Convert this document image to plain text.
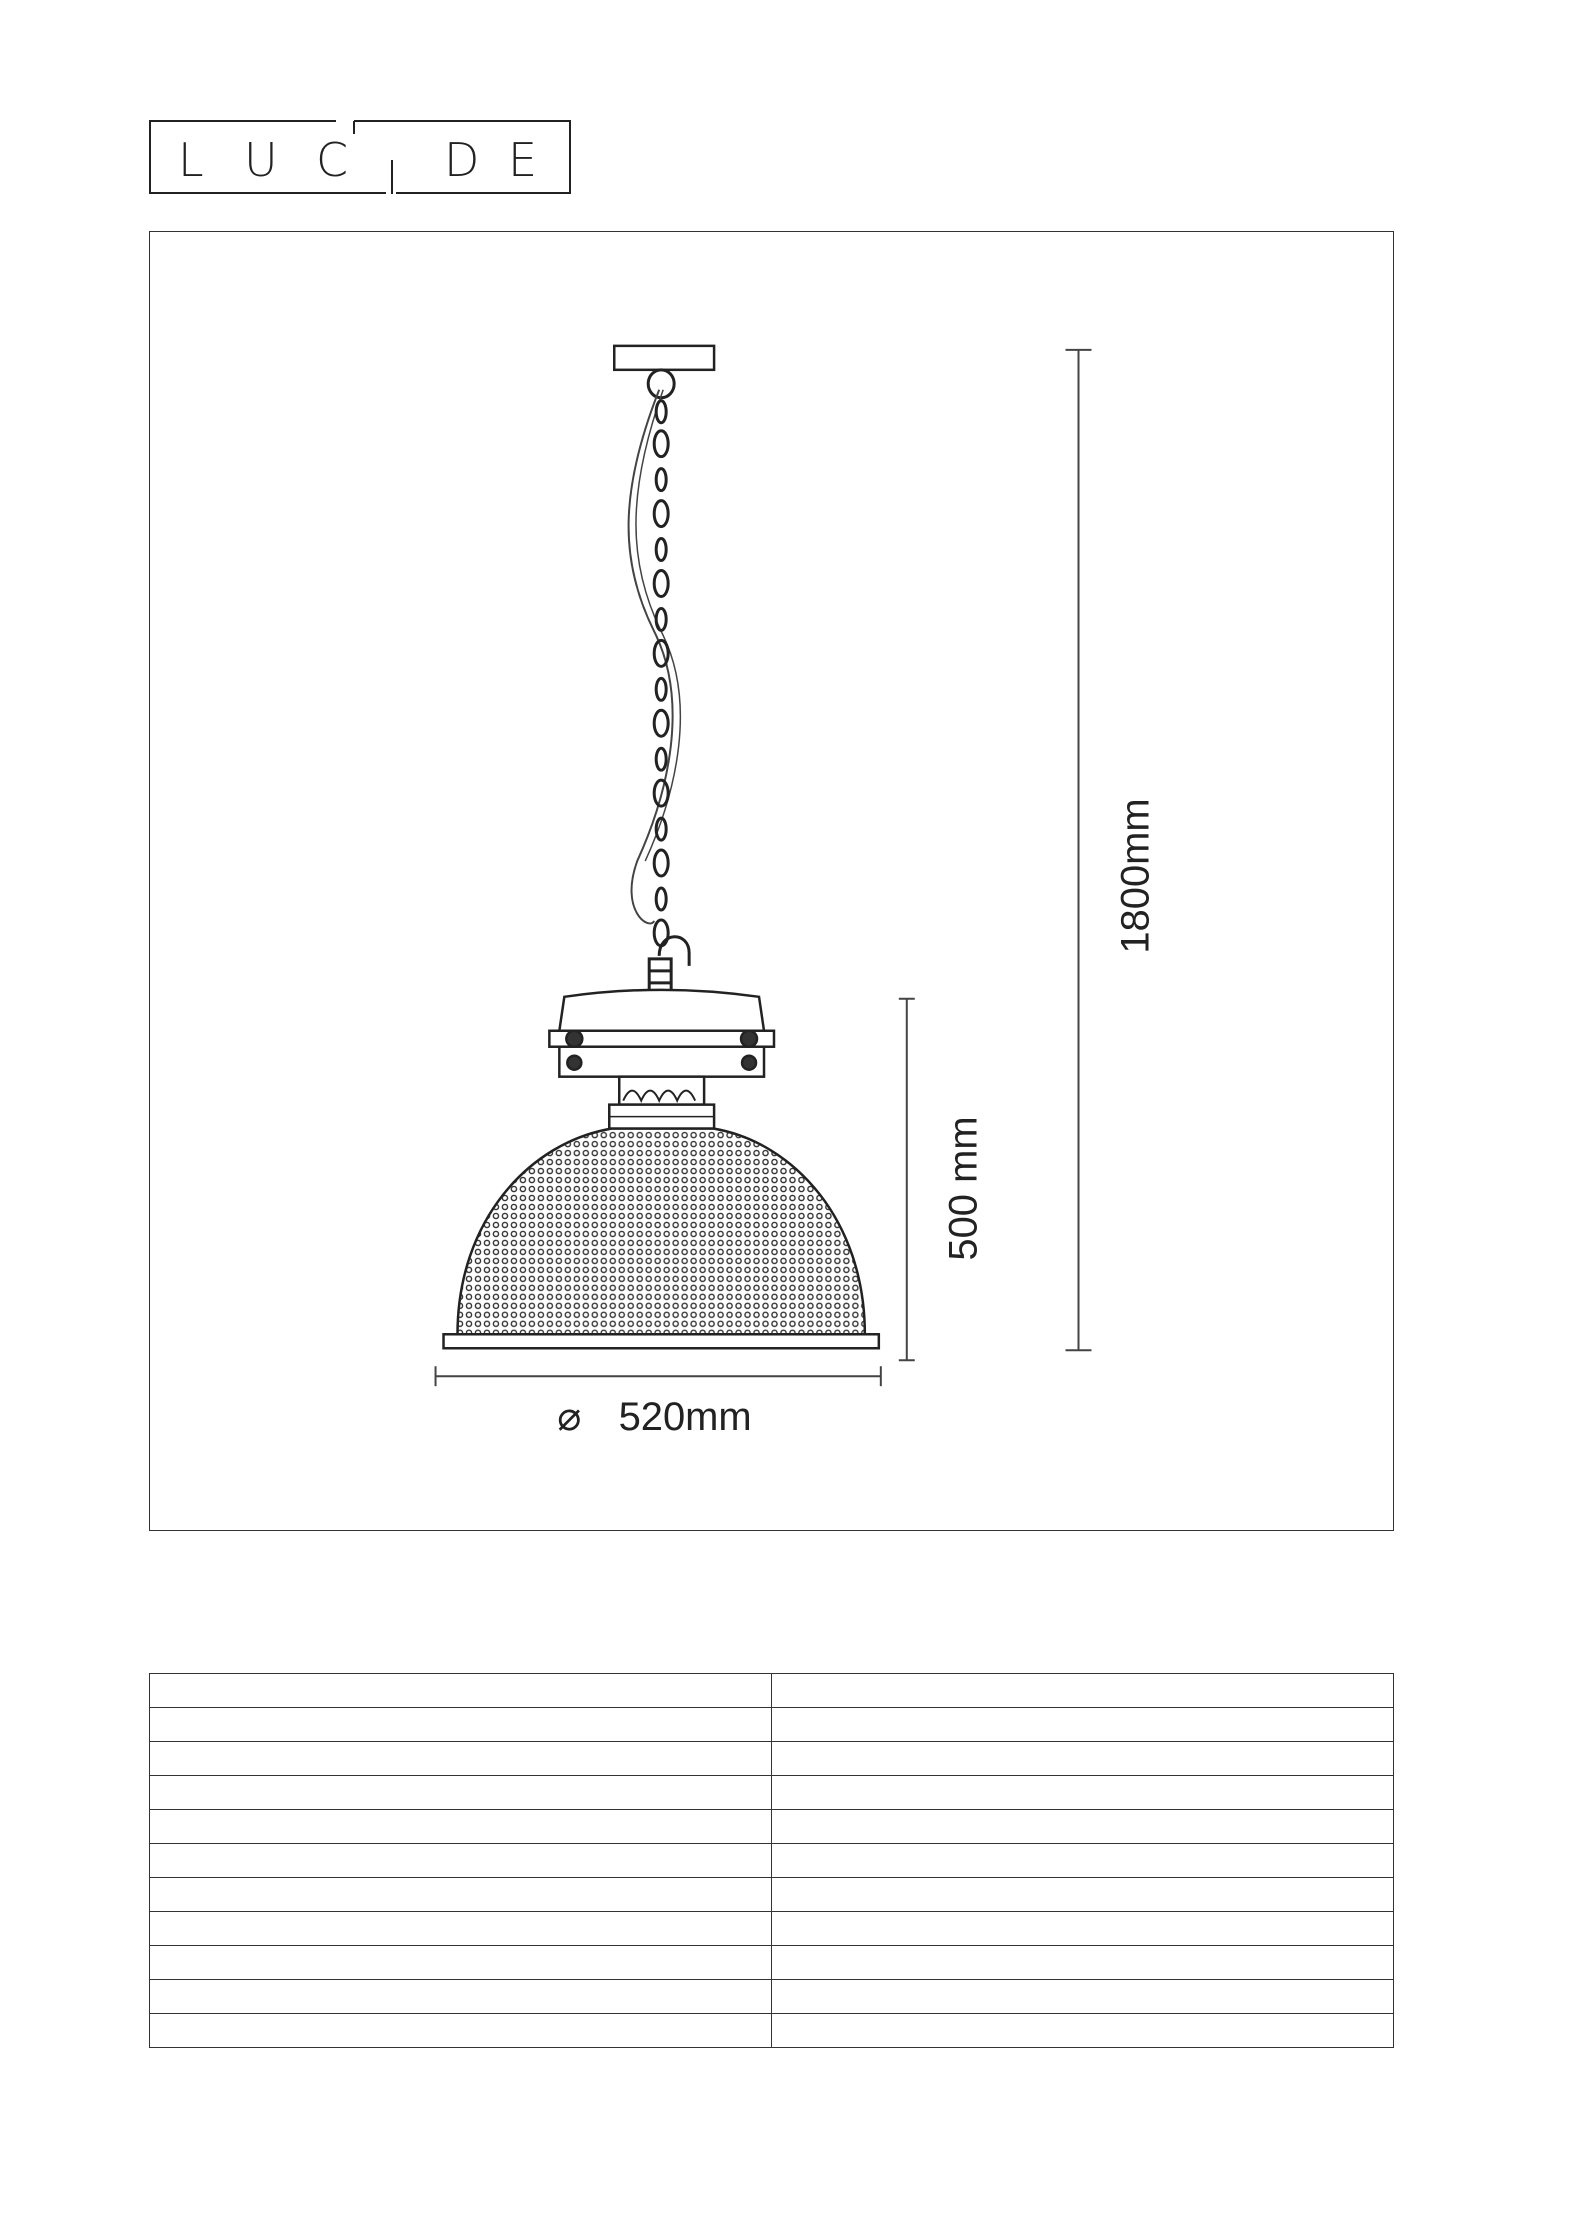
L U C D E
1800mm
500 mm
⌀ 520mm
